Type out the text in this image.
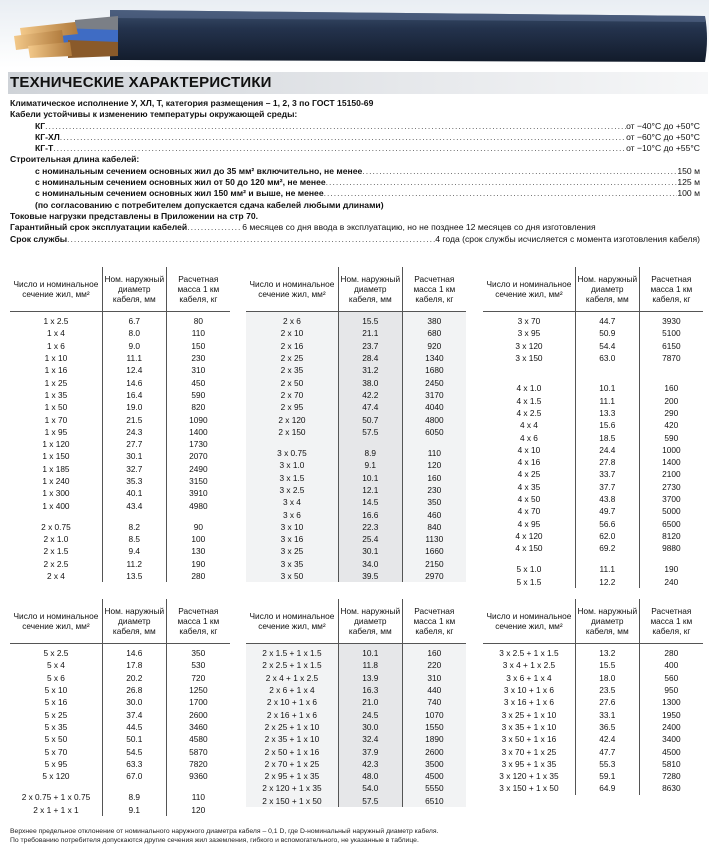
ТЕХНИЧЕСКИЕ ХАРАКТЕРИСТИКИ
Климатическое исполнение У, ХЛ, Т, категория размещения – 1, 2, 3 по ГОСТ 15150-69
Кабели устойчивы к изменению температуры окружающей среды:
КГ .....	от −40°С до +50°С
КГ-ХЛ .....	от −60°С до +50°С
КГ-Т .....	от −10°С до +55°С
Строительная длина кабелей:
с номинальным сечением основных жил до 35 мм² включительно, не менее .....	150 м
с номинальным сечением основных жил от 50 до 120 мм², не менее .....	125 м
с номинальным сечением основных жил 150 мм² и выше, не менее .....	100 м
(по согласованию с потребителем допускается сдача кабелей любыми длинами)
Токовые нагрузки представлены в Приложении на стр 70.
Гарантийный срок эксплуатации кабелей .....	6 месяцев со дня ввода в эксплуатацию, но не позднее 12 месяцев со дня изготовления
Срок службы .....	4 года (срок службы исчисляется с момента изготовления кабеля)
Число и номинальное сечение жил, мм²	Ном. наружный диаметр кабеля, мм	Расчетная масса 1 км кабеля, кг
1 x 2.5	6.7	80
1 x 4	8.0	110
1 x 6	9.0	150
1 x 10	11.1	230
1 x 16	12.4	310
1 x 25	14.6	450
1 x 35	16.4	590
1 x 50	19.0	820
1 x 70	21.5	1090
1 x 95	24.3	1400
1 x 120	27.7	1730
1 x 150	30.1	2070
1 x 185	32.7	2490
1 x 240	35.3	3150
1 x 300	40.1	3910
1 x 400	43.4	4980

2 x 0.75	8.2	90
2 x 1.0	8.5	100
2 x 1.5	9.4	130
2 x 2.5	11.2	190
2 x 4	13.5	280
Число и номинальное сечение жил, мм²	Ном. наружный диаметр кабеля, мм	Расчетная масса 1 км кабеля, кг
2 x 6	15.5	380
2 x 10	21.1	680
2 x 16	23.7	920
2 x 25	28.4	1340
2 x 35	31.2	1680
2 x 50	38.0	2450
2 x 70	42.2	3170
2 x 95	47.4	4040
2 x 120	50.7	4800
2 x 150	57.5	6050

3 x 0.75	8.9	110
3 x 1.0	9.1	120
3 x 1.5	10.1	160
3 x 2.5	12.1	230
3 x 4	14.5	350
3 x 6	16.6	460
3 x 10	22.3	840
3 x 16	25.4	1130
3 x 25	30.1	1660
3 x 35	34.0	2150
3 x 50	39.5	2970
Число и номинальное сечение жил, мм²	Ном. наружный диаметр кабеля, мм	Расчетная масса 1 км кабеля, кг
3 x 70	44.7	3930
3 x 95	50.9	5100
3 x 120	54.4	6150
3 x 150	63.0	7870

4 x 1.0	10.1	160
4 x 1.5	11.1	200
4 x 2.5	13.3	290
4 x 4	15.6	420
4 x 6	18.5	590
4 x 10	24.4	1000
4 x 16	27.8	1400
4 x 25	33.7	2100
4 x 35	37.7	2730
4 x 50	43.8	3700
4 x 70	49.7	5000
4 x 95	56.6	6500
4 x 120	62.0	8120
4 x 150	69.2	9880

5 x 1.0	11.1	190
5 x 1.5	12.2	240
Число и номинальное сечение жил, мм²	Ном. наружный диаметр кабеля, мм	Расчетная масса 1 км кабеля, кг
5 x 2.5	14.6	350
5 x 4	17.8	530
5 x 6	20.2	720
5 x 10	26.8	1250
5 x 16	30.0	1700
5 x 25	37.4	2600
5 x 35	44.5	3460
5 x 50	50.1	4580
5 x 70	54.5	5870
5 x 95	63.3	7820
5 x 120	67.0	9360

2 x 0.75 + 1 x 0.75	8.9	110
2 x 1 + 1 x 1	9.1	120
Число и номинальное сечение жил, мм²	Ном. наружный диаметр кабеля, мм	Расчетная масса 1 км кабеля, кг
2 x 1.5 + 1 x 1.5	10.1	160
2 x 2.5 + 1 x 1.5	11.8	220
2 x 4 + 1 x 2.5	13.9	310
2 x 6 + 1 x 4	16.3	440
2 x 10 + 1 x 6	21.0	740
2 x 16 + 1 x 6	24.5	1070
2 x 25 + 1 x 10	30.0	1550
2 x 35 + 1 x 10	32.4	1890
2 x 50 + 1 x 16	37.9	2600
2 x 70 + 1 x 25	42.3	3500
2 x 95 + 1 x 35	48.0	4500
2 x 120 + 1 x 35	54.0	5550
2 x 150 + 1 x 50	57.5	6510
Число и номинальное сечение жил, мм²	Ном. наружный диаметр кабеля, мм	Расчетная масса 1 км кабеля, кг
3 x 2.5 + 1 x 1.5	13.2	280
3 x 4 + 1 x 2.5	15.5	400
3 x 6 + 1 x 4	18.0	560
3 x 10 + 1 x 6	23.5	950
3 x 16 + 1 x 6	27.6	1300
3 x 25 + 1 x 10	33.1	1950
3 x 35 + 1 x 10	36.5	2400
3 x 50 + 1 x 16	42.4	3400
3 x 70 + 1 x 25	47.7	4500
3 x 95 + 1 x 35	55.3	5810
3 x 120 + 1 x 35	59.1	7280
3 x 150 + 1 x 50	64.9	8630
Верхнее предельное отклонение от номинального наружного диаметра кабеля – 0,1 D, где D-номинальный наружный диаметр кабеля.
По требованию потребителя допускаются другие сечения жил заземления, гибкого и вспомогательного, не указанные в таблице.
